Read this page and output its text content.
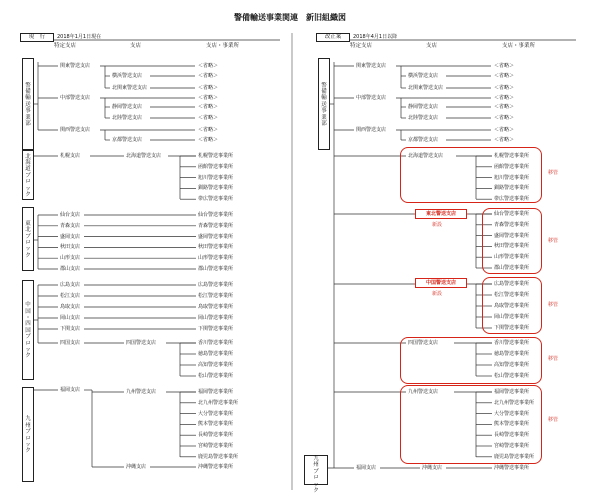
現　行	2018年1月1日現在
特定支店	支店	支店・事業所
改正案	2018年4月1日以降
特定支店	支店	支店・事業所
警
備
輸
送
事
業
部
関東警送支店	＜省略＞
横浜警送支店	＜省略＞
北関東警送支店	＜省略＞
中部警送支店	＜省略＞
静岡警送支店	＜省略＞
北陸警送支店	＜省略＞
関西警送支店	＜省略＞
京都警送支店	＜省略＞
警
備
輸
送
事
業
部
関東警送支店	＜省略＞
横浜警送支店	＜省略＞
北関東警送支店	＜省略＞
中部警送支店	＜省略＞
静岡警送支店	＜省略＞
北陸警送支店	＜省略＞
関西警送支店	＜省略＞
京都警送支店	＜省略＞
北
海
道
ブ
ロ
ッ
ク
札幌支店	北海道警送支店	札幌警送事業所
函館警送事業所
旭川警送事業所
釧路警送事業所
帯広警送事業所
東
北
ブ
ロ
ッ
ク
仙台支店	仙台警送事業所
青森支店	青森警送事業所
盛岡支店	盛岡警送事業所
秋田支店	秋田警送事業所
山形支店	山形警送事業所
郡山支店	郡山警送事業所
中
国
・
四
国
ブ
ロ
ッ
ク
広島支店	広島警送事業所
松江支店	松江警送事業所
鳥取支店	鳥取警送事業所
岡山支店	岡山警送事業所
下関支店	下関警送事業所
四国支店	四国警送支店	香川警送事業所
徳島警送事業所
高知警送事業所
松山警送事業所
九
州
ブ
ロ
ッ
ク
福岡支店	九州警送支店	福岡警送事業所
北九州警送事業所
大分警送事業所
熊本警送事業所
長崎警送事業所
宮崎警送事業所
鹿児島警送事業所
沖縄支店	沖縄警送事業所
北海道警送支店	札幌警送事業所
函館警送事業所
旭川警送事業所
釧路警送事業所
帯広警送事業所
移管
東北警送支店
新設
仙台警送事業所
青森警送事業所
盛岡警送事業所
秋田警送事業所
山形警送事業所
郡山警送事業所
移管
中国警送支店
新設
広島警送事業所
松江警送事業所
鳥取警送事業所
岡山警送事業所
下関警送事業所
移管
四国警送支店	香川警送事業所
徳島警送事業所
高知警送事業所
松山警送事業所
移管
九州警送支店	福岡警送事業所
北九州警送事業所
大分警送事業所
熊本警送事業所
長崎警送事業所
宮崎警送事業所
鹿児島警送事業所
移管
九
州
ブ
ロ
ッ
ク
福岡支店	沖縄支店	沖縄警送事業所
警備輸送事業関連　新旧組織図
